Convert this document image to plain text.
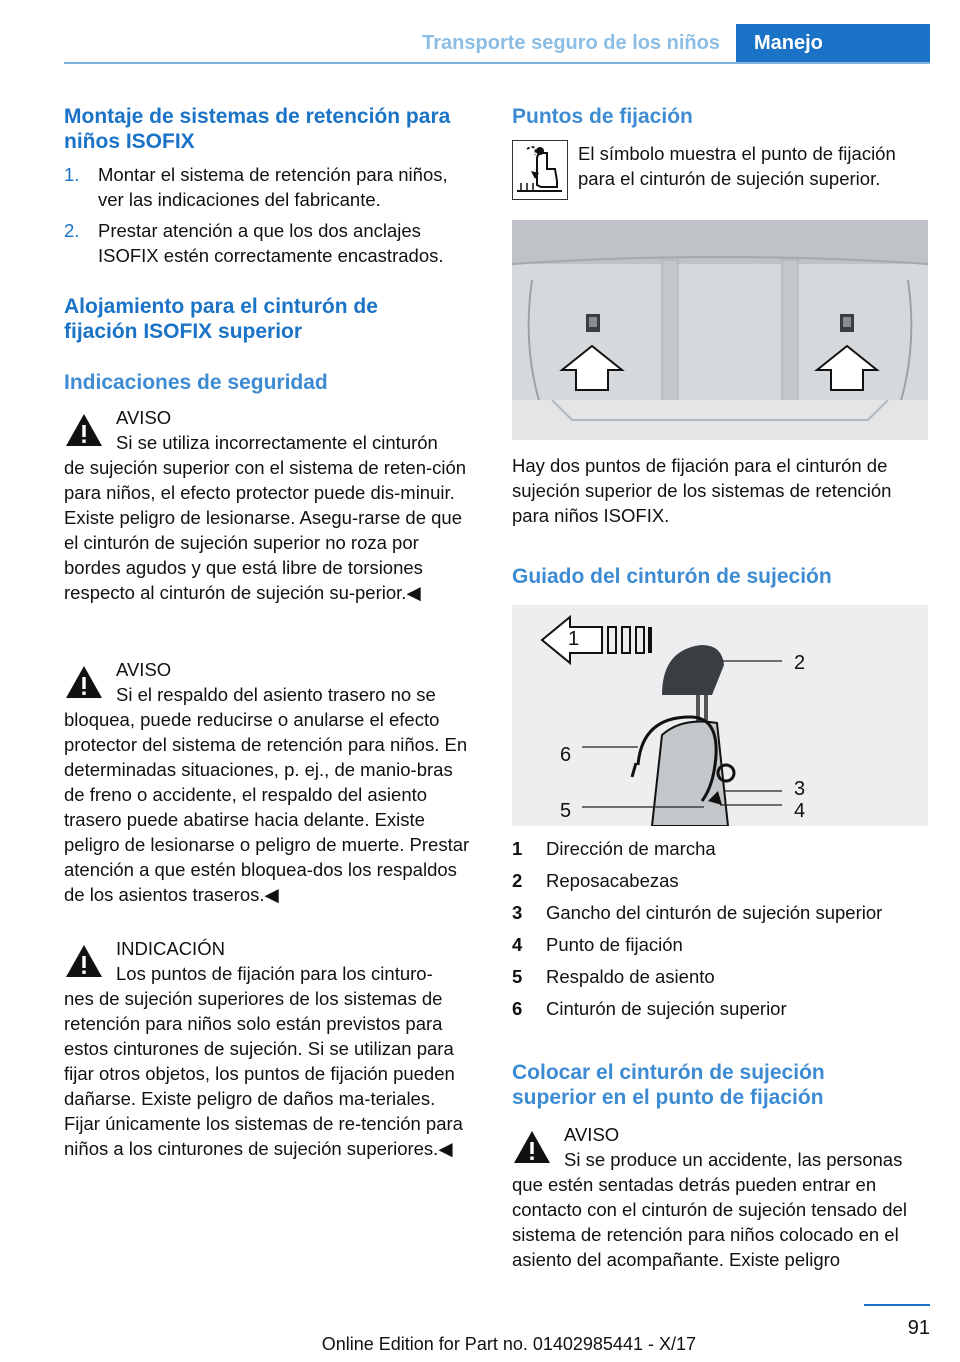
Transporte seguro de los niños	Manejo
Montaje de sistemas de retención para niños ISOFIX
1. Montar el sistema de retención para niños, ver las indicaciones del fabricante.
2. Prestar atención a que los dos anclajes ISOFIX estén correctamente encastrados.
Alojamiento para el cinturón de fijación ISOFIX superior
Indicaciones de seguridad
AVISO
Si se utiliza incorrectamente el cinturón
de sujeción superior con el sistema de reten-ción para niños, el efecto protector puede dis-minuir. Existe peligro de lesionarse. Asegu-rarse de que el cinturón de sujeción superior no roza por bordes agudos y que está libre de torsiones respecto al cinturón de sujeción su-perior.◀
AVISO
Si el respaldo del asiento trasero no se
bloquea, puede reducirse o anularse el efecto protector del sistema de retención para niños. En determinadas situaciones, p. ej., de manio-bras de freno o accidente, el respaldo del asiento trasero puede abatirse hacia delante. Existe peligro de lesionarse o peligro de muerte. Prestar atención a que estén bloquea-dos los respaldos de los asientos traseros.◀
INDICACIÓN
Los puntos de fijación para los cinturo-
nes de sujeción superiores de los sistemas de retención para niños solo están previstos para estos cinturones de sujeción. Si se utilizan para fijar otros objetos, los puntos de fijación pueden dañarse. Existe peligro de daños ma-teriales. Fijar únicamente los sistemas de re-tención para niños a los cinturones de sujeción superiores.◀
Puntos de fijación

El símbolo muestra el punto de fijación para el cinturón de sujeción superior.

Hay dos puntos de fijación para el cinturón de sujeción superior de los sistemas de retención para niños ISOFIX.

Guiado del cinturón de sujeción
1
2
3
4
5
6
1 Dirección de marcha
2 Reposacabezas
3 Gancho del cinturón de sujeción superior
4 Punto de fijación
5 Respaldo de asiento
6 Cinturón de sujeción superior
Colocar el cinturón de sujeción superior en el punto de fijación
AVISO
Si se produce un accidente, las personas
que estén sentadas detrás pueden entrar en contacto con el cinturón de sujeción tensado del sistema de retención para niños colocado en el asiento del acompañante. Existe peligro
91
Online Edition for Part no. 01402985441 - X/17
